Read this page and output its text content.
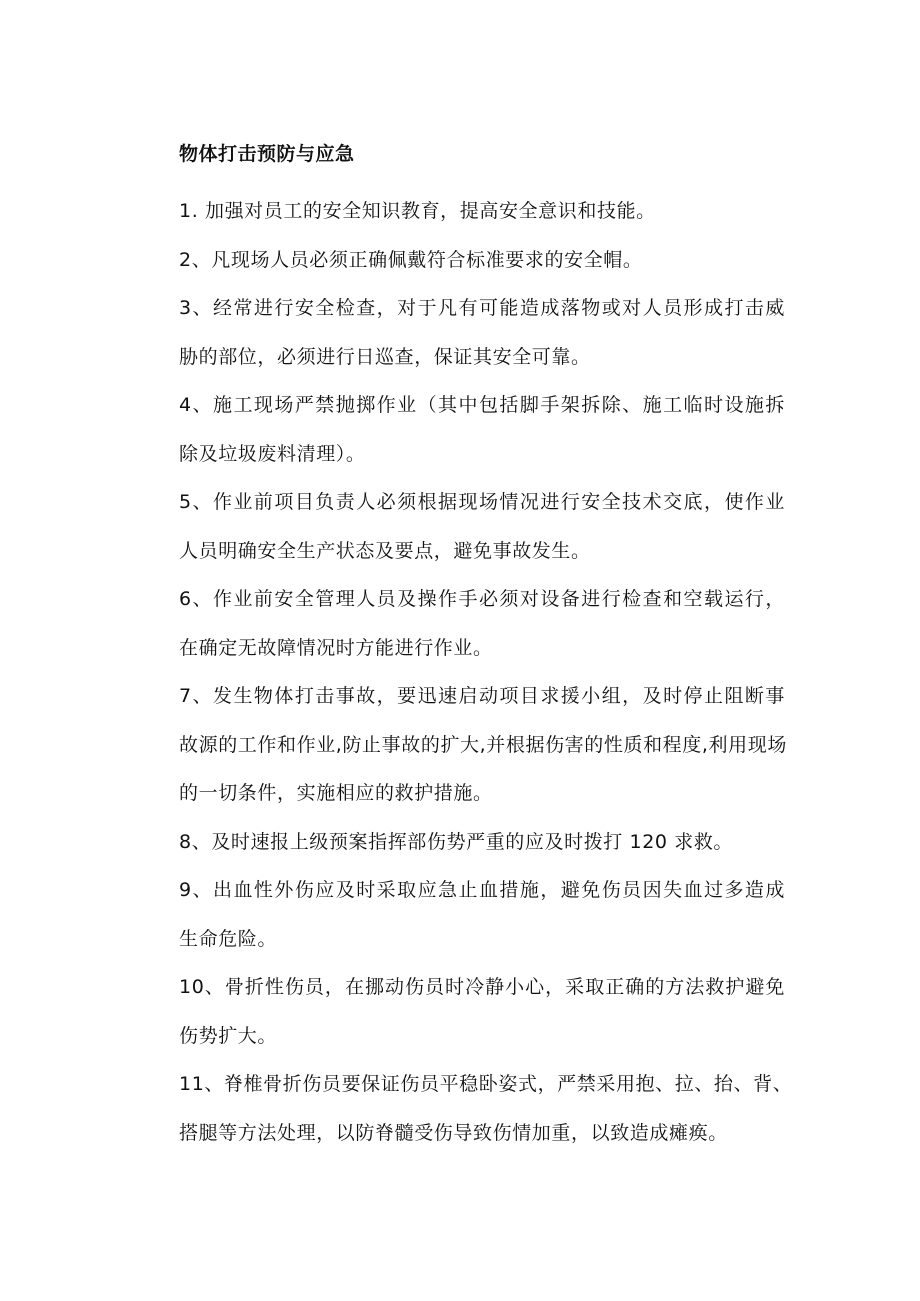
物体打击预防与应急
1. 加强对员工的安全知识教育，提高安全意识和技能。
2、凡现场人员必须正确佩戴符合标准要求的安全帽。
3、经常进行安全检查，对于凡有可能造成落物或对人员形成打击威
胁的部位，必须进行日巡查，保证其安全可靠。
4、施工现场严禁抛掷作业（其中包括脚手架拆除、施工临时设施拆
除及垃圾废料清理）。
5、作业前项目负责人必须根据现场情况进行安全技术交底，使作业
人员明确安全生产状态及要点，避免事故发生。
6、作业前安全管理人员及操作手必须对设备进行检查和空载运行，
在确定无故障情况时方能进行作业。
7、发生物体打击事故，要迅速启动项目求援小组，及时停止阻断事
故源的工作和作业,防止事故的扩大,并根据伤害的性质和程度,利用现场
的一切条件，实施相应的救护措施。
8、及时速报上级预案指挥部伤势严重的应及时拨打 120 求救。
9、出血性外伤应及时采取应急止血措施，避免伤员因失血过多造成
生命危险。
10、骨折性伤员，在挪动伤员时冷静小心，采取正确的方法救护避免
伤势扩大。
11、脊椎骨折伤员要保证伤员平稳卧姿式，严禁采用抱、拉、抬、背、
搭腿等方法处理，以防脊髓受伤导致伤情加重，以致造成瘫痪。
